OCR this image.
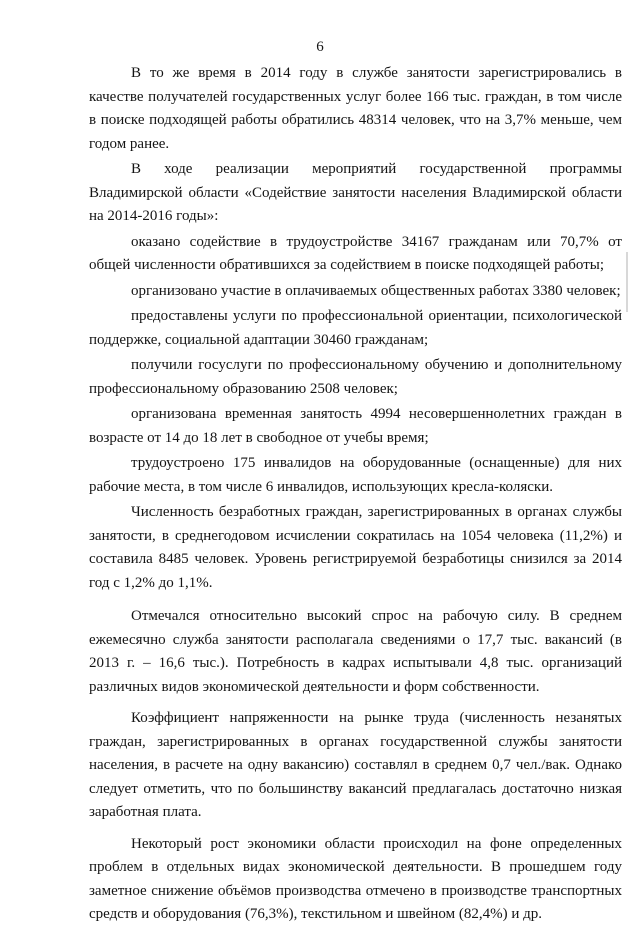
6

В то же время в 2014 году в службе занятости зарегистрировались в качестве получателей государственных услуг более 166 тыс. граждан, в том числе в поиске подходящей работы обратились 48314 человек, что на 3,7% меньше, чем годом ранее.

В ходе реализации мероприятий государственной программы Владимирской области «Содействие занятости населения Владимирской области на 2014-2016 годы»:

оказано содействие в трудоустройстве 34167 гражданам или 70,7% от общей численности обратившихся за содействием в поиске подходящей работы;

организовано участие в оплачиваемых общественных работах 3380 человек;

предоставлены услуги по профессиональной ориентации, психологической поддержке, социальной адаптации 30460 гражданам;

получили госуслуги по профессиональному обучению и дополнительному профессиональному образованию 2508 человек;

организована временная занятость 4994 несовершеннолетних граждан в возрасте от 14 до 18 лет в свободное от учебы время;

трудоустроено 175 инвалидов на оборудованные (оснащенные) для них рабочие места, в том числе 6 инвалидов, использующих кресла-коляски.

Численность безработных граждан, зарегистрированных в органах службы занятости, в среднегодовом исчислении сократилась на 1054 человека (11,2%) и составила 8485 человек. Уровень регистрируемой безработицы снизился за 2014 год с 1,2% до 1,1%.

Отмечался относительно высокий спрос на рабочую силу. В среднем ежемесячно служба занятости располагала сведениями о 17,7 тыс. вакансий (в 2013 г. – 16,6 тыс.). Потребность в кадрах испытывали 4,8 тыс. организаций различных видов экономической деятельности и форм собственности.

Коэффициент напряженности на рынке труда (численность незанятых граждан, зарегистрированных в органах государственной службы занятости населения, в расчете на одну вакансию) составлял в среднем 0,7 чел./вак. Однако следует отметить, что по большинству вакансий предлагалась достаточно низкая заработная плата.

Некоторый рост экономики области происходил на фоне определенных проблем в отдельных видах экономической деятельности. В прошедшем году заметное снижение объёмов производства отмечено в производстве транспортных средств и оборудования (76,3%), текстильном и швейном (82,4%) и др.
